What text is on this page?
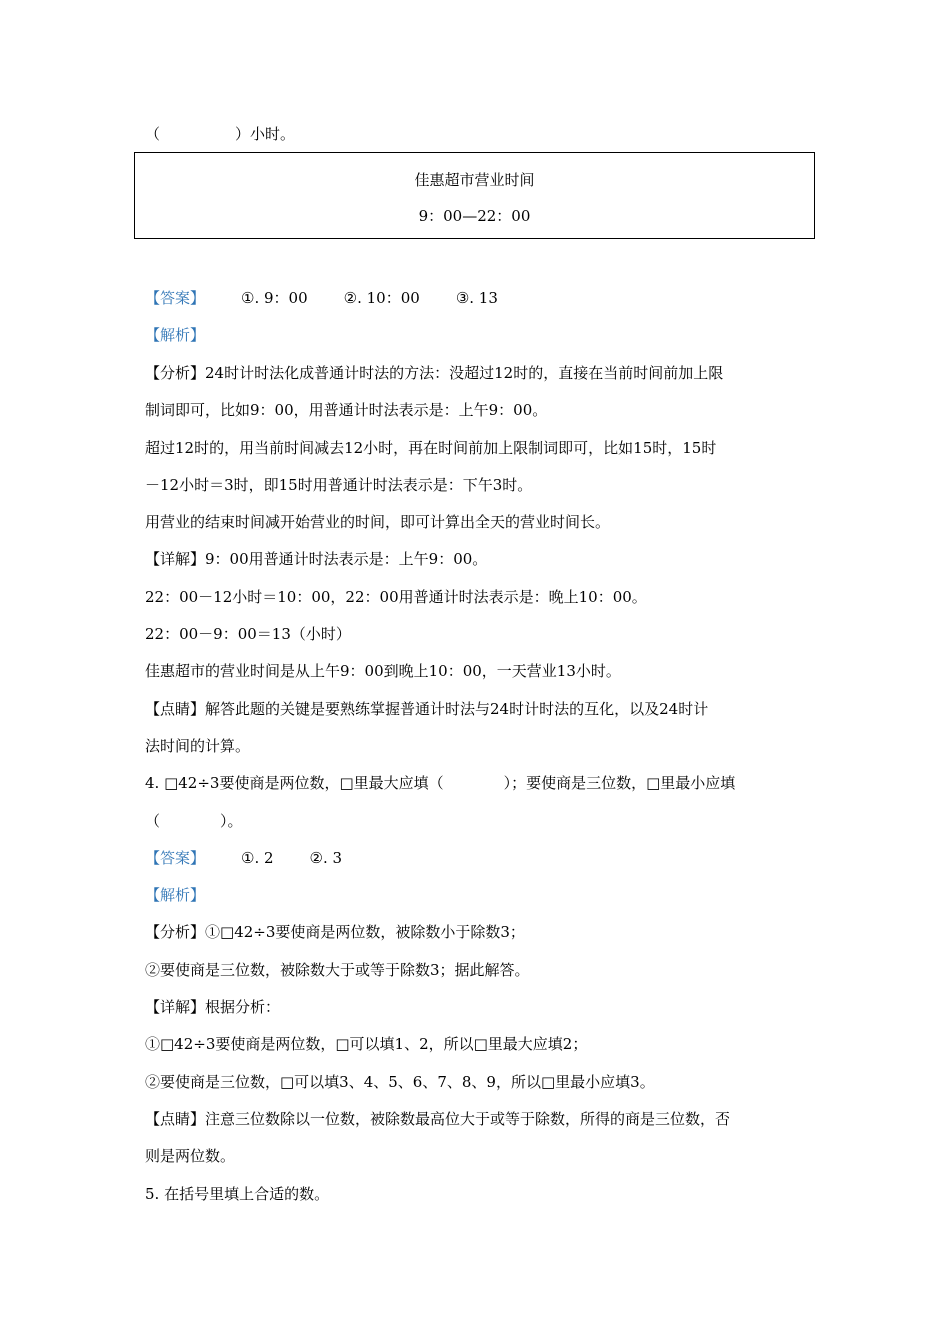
（　　　　　）小时。
佳惠超市营业时间
9：00—22：00
【答案】 ①. 9：00 ②. 10：00 ③. 13
【解析】
【分析】24时计时法化成普通计时法的方法：没超过12时的，直接在当前时间前加上限
制词即可，比如9：00，用普通计时法表示是：上午9：00。
超过12时的，用当前时间减去12小时，再在时间前加上限制词即可，比如15时，15时
－12小时＝3时，即15时用普通计时法表示是：下午3时。
用营业的结束时间减开始营业的时间，即可计算出全天的营业时间长。
【详解】9：00用普通计时法表示是：上午9：00。
22：00－12小时＝10：00，22：00用普通计时法表示是：晚上10：00。
22：00－9：00＝13（小时）
佳惠超市的营业时间是从上午9：00到晚上10：00，一天营业13小时。
【点睛】解答此题的关键是要熟练掌握普通计时法与24时计时法的互化，以及24时计
法时间的计算。
4. □42÷3要使商是两位数，□里最大应填（　　　　）；要使商是三位数，□里最小应填
（　　　　）。
【答案】 ①. 2 ②. 3
【解析】
【分析】①□42÷3要使商是两位数，被除数小于除数3；
②要使商是三位数，被除数大于或等于除数3；据此解答。
【详解】根据分析：
①□42÷3要使商是两位数，□可以填1、2，所以□里最大应填2；
②要使商是三位数，□可以填3、4、5、6、7、8、9，所以□里最小应填3。
【点睛】注意三位数除以一位数，被除数最高位大于或等于除数，所得的商是三位数，否
则是两位数。
5. 在括号里填上合适的数。
